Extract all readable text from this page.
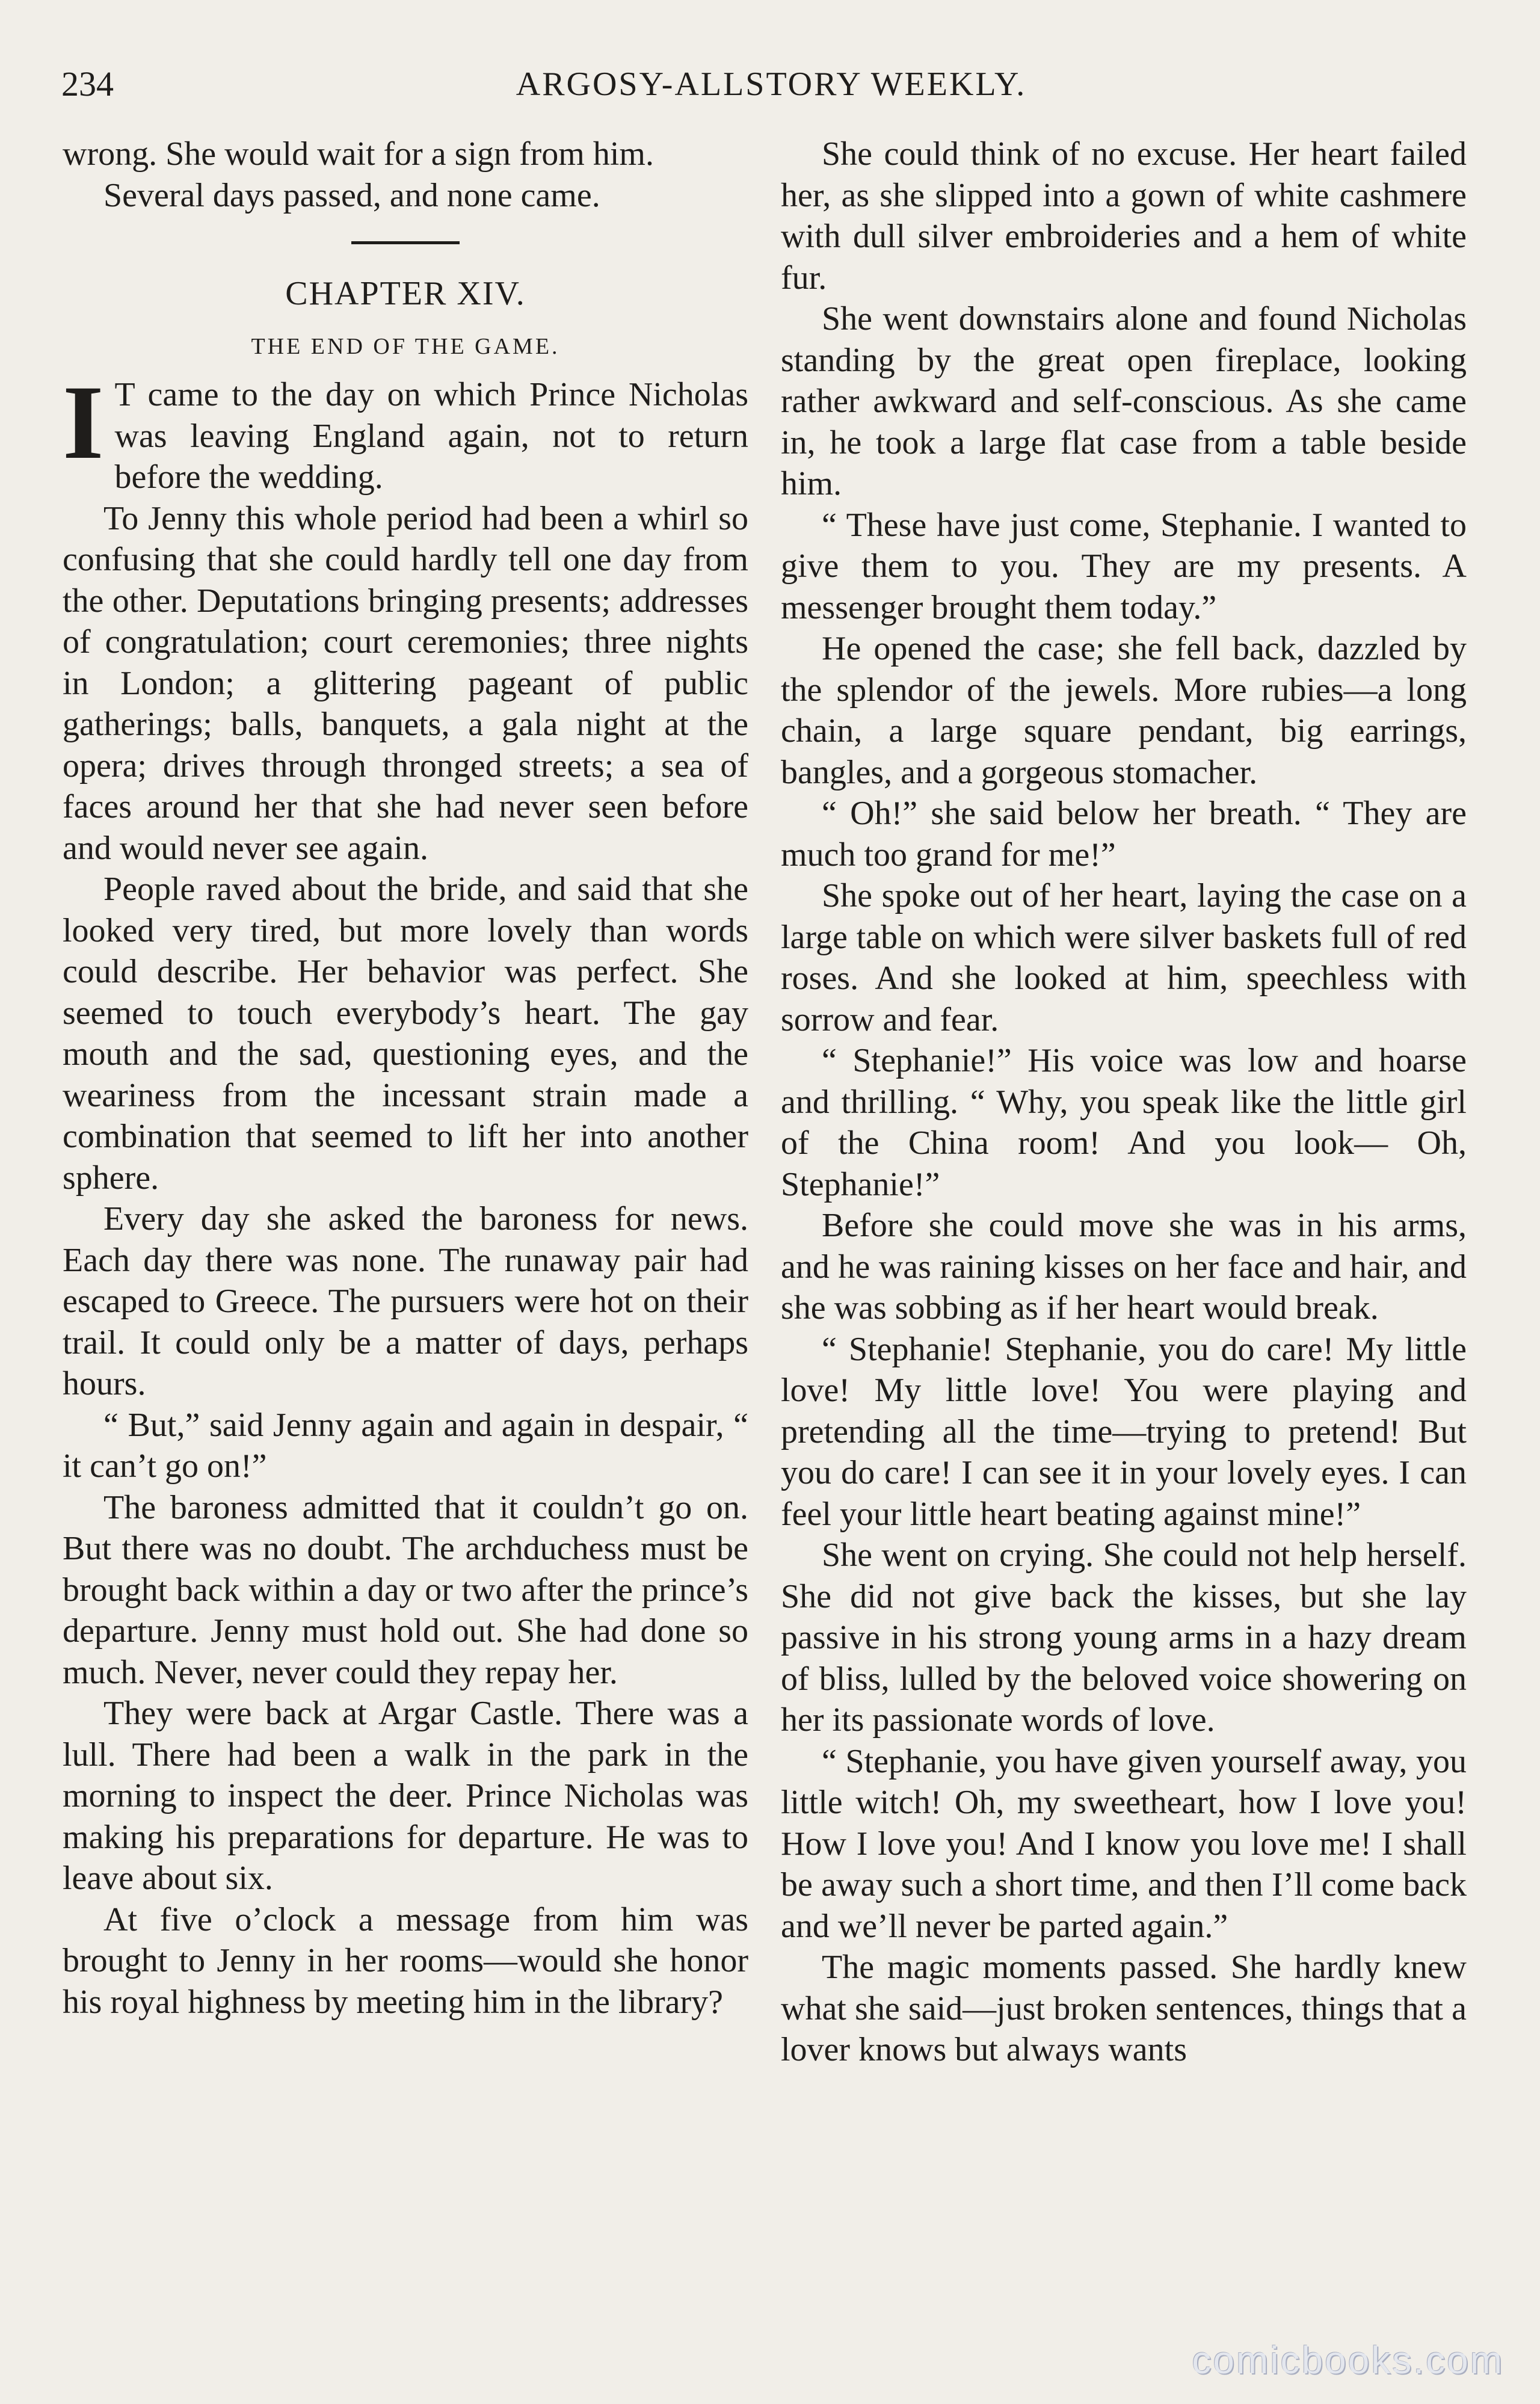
234	ARGOSY-ALLSTORY WEEKLY.

wrong. She would wait for a sign from him.

Several days passed, and none came.

CHAPTER XIV.
THE END OF THE GAME.

I T came to the day on which Prince Nicholas was leaving England again, not to return before the wedding.

To Jenny this whole period had been a whirl so confusing that she could hardly tell one day from the other. Deputations bringing presents; addresses of congratulation; court ceremonies; three nights in London; a glittering pageant of public gatherings; balls, banquets, a gala night at the opera; drives through thronged streets; a sea of faces around her that she had never seen before and would never see again.

People raved about the bride, and said that she looked very tired, but more lovely than words could describe. Her behavior was perfect. She seemed to touch everybody’s heart. The gay mouth and the sad, questioning eyes, and the weariness from the incessant strain made a combination that seemed to lift her into another sphere.

Every day she asked the baroness for news. Each day there was none. The runaway pair had escaped to Greece. The pursuers were hot on their trail. It could only be a matter of days, perhaps hours.

“ But,” said Jenny again and again in despair, “ it can’t go on!”

The baroness admitted that it couldn’t go on. But there was no doubt. The archduchess must be brought back within a day or two after the prince’s departure. Jenny must hold out. She had done so much. Never, never could they repay her.

They were back at Argar Castle. There was a lull. There had been a walk in the park in the morning to inspect the deer. Prince Nicholas was making his preparations for departure. He was to leave about six.

At five o’clock a message from him was brought to Jenny in her rooms—would she honor his royal highness by meeting him in the library?

She could think of no excuse. Her heart failed her, as she slipped into a gown of white cashmere with dull silver embroideries and a hem of white fur.

She went downstairs alone and found Nicholas standing by the great open fireplace, looking rather awkward and self-conscious. As she came in, he took a large flat case from a table beside him.

“ These have just come, Stephanie. I wanted to give them to you. They are my presents. A messenger brought them today.”

He opened the case; she fell back, dazzled by the splendor of the jewels. More rubies—a long chain, a large square pendant, big earrings, bangles, and a gorgeous stomacher.

“ Oh!” she said below her breath. “ They are much too grand for me!”

She spoke out of her heart, laying the case on a large table on which were silver baskets full of red roses. And she looked at him, speechless with sorrow and fear.

“ Stephanie!” His voice was low and hoarse and thrilling. “ Why, you speak like the little girl of the China room! And you look— Oh, Stephanie!”

Before she could move she was in his arms, and he was raining kisses on her face and hair, and she was sobbing as if her heart would break.

“ Stephanie! Stephanie, you do care! My little love! My little love! You were playing and pretending all the time—trying to pretend! But you do care! I can see it in your lovely eyes. I can feel your little heart beating against mine!”

She went on crying. She could not help herself. She did not give back the kisses, but she lay passive in his strong young arms in a hazy dream of bliss, lulled by the beloved voice showering on her its passionate words of love.

“ Stephanie, you have given yourself away, you little witch! Oh, my sweetheart, how I love you! How I love you! And I know you love me! I shall be away such a short time, and then I’ll come back and we’ll never be parted again.”

The magic moments passed. She hardly knew what she said—just broken sentences, things that a lover knows but always wants

comicbooks.com
